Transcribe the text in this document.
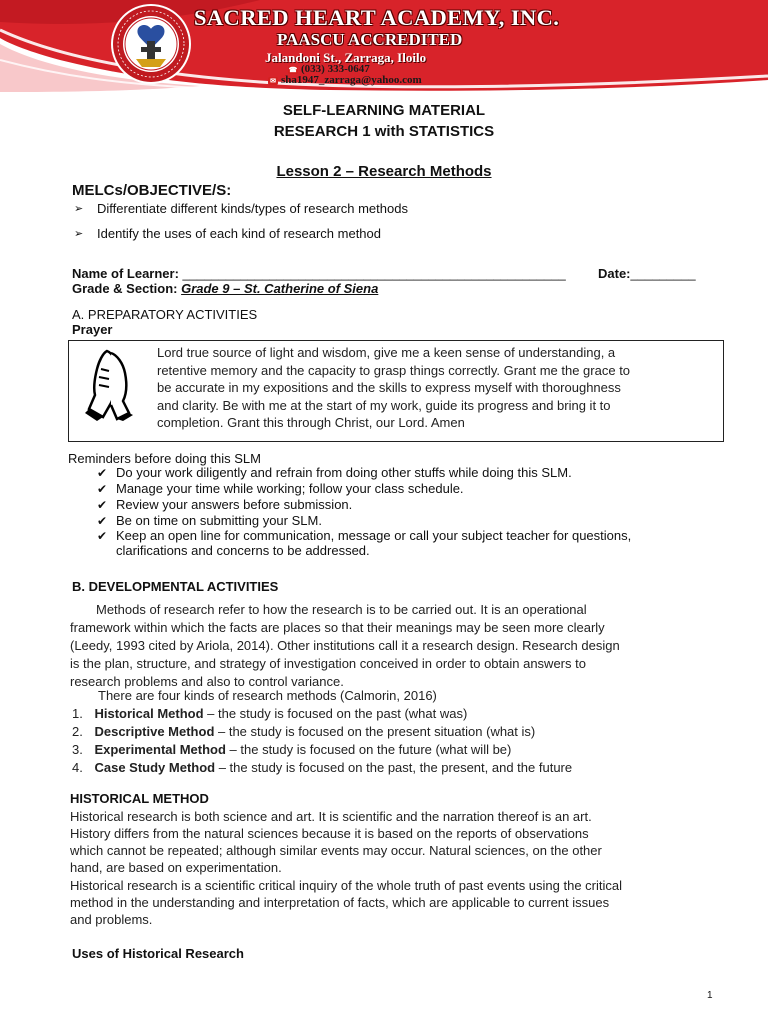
SACRED HEART ACADEMY, INC.
PAASCU ACCREDITED
Jalandoni St., Zarraga, Iloilo
☎ (033) 333-0647
✉ sha1947_zarraga@yahoo.com
SELF-LEARNING MATERIAL
RESEARCH 1 with STATISTICS
Lesson 2 – Research Methods
MELCs/OBJECTIVE/S:
➢ Differentiate different kinds/types of research methods
➢ Identify the uses of each kind of research method
Name of Learner: _____________________________________________________ Date:_________
Grade & Section: Grade 9 – St. Catherine of Siena
A. PREPARATORY ACTIVITIES
Prayer
Lord true source of light and wisdom, give me a keen sense of understanding, a
retentive memory and the capacity to grasp things correctly. Grant me the grace to
be accurate in my expositions and the skills to express myself with thoroughness
and clarity. Be with me at the start of my work, guide its progress and bring it to
completion. Grant this through Christ, our Lord. Amen
Reminders before doing this SLM
✔ Do your work diligently and refrain from doing other stuffs while doing this SLM.
✔ Manage your time while working; follow your class schedule.
✔ Review your answers before submission.
✔ Be on time on submitting your SLM.
✔ Keep an open line for communication, message or call your subject teacher for questions,
clarifications and concerns to be addressed.
B. DEVELOPMENTAL ACTIVITIES
Methods of research refer to how the research is to be carried out. It is an operational
framework within which the facts are places so that their meanings may be seen more clearly
(Leedy, 1993 cited by Ariola, 2014). Other institutions call it a research design. Research design
is the plan, structure, and strategy of investigation conceived in order to obtain answers to
research problems and also to control variance.
There are four kinds of research methods (Calmorin, 2016)
1. Historical Method – the study is focused on the past (what was)
2. Descriptive Method – the study is focused on the present situation (what is)
3. Experimental Method – the study is focused on the future (what will be)
4. Case Study Method – the study is focused on the past, the present, and the future
HISTORICAL METHOD
Historical research is both science and art. It is scientific and the narration thereof is an art.
History differs from the natural sciences because it is based on the reports of observations
which cannot be repeated; although similar events may occur. Natural sciences, on the other
hand, are based on experimentation.
Historical research is a scientific critical inquiry of the whole truth of past events using the critical
method in the understanding and interpretation of facts, which are applicable to current issues
and problems.
Uses of Historical Research
1
